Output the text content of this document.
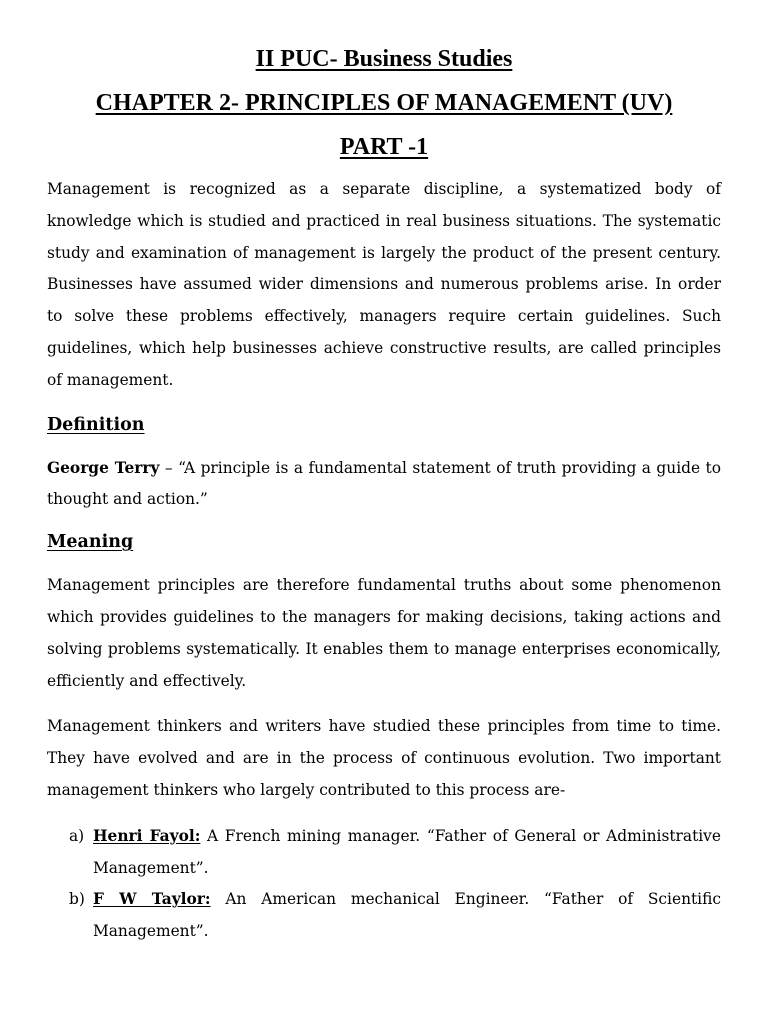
II PUC- Business Studies
CHAPTER 2- PRINCIPLES OF MANAGEMENT (UV)
PART -1

Management is recognized as a separate discipline, a systematized body of knowledge which is studied and practiced in real business situations. The systematic study and examination of management is largely the product of the present century. Businesses have assumed wider dimensions and numerous problems arise. In order to solve these problems effectively, managers require certain guidelines. Such guidelines, which help businesses achieve constructive results, are called principles of management.

Definition

George Terry – “A principle is a fundamental statement of truth providing a guide to thought and action.”

Meaning

Management principles are therefore fundamental truths about some phenomenon which provides guidelines to the managers for making decisions, taking actions and solving problems systematically. It enables them to manage enterprises economically, efficiently and effectively.

Management thinkers and writers have studied these principles from time to time. They have evolved and are in the process of continuous evolution. Two important management thinkers who largely contributed to this process are-

a) Henri Fayol: A French mining manager. “Father of General or Administrative Management”.
b) F W Taylor: An American mechanical Engineer. “Father of Scientific Management”.
